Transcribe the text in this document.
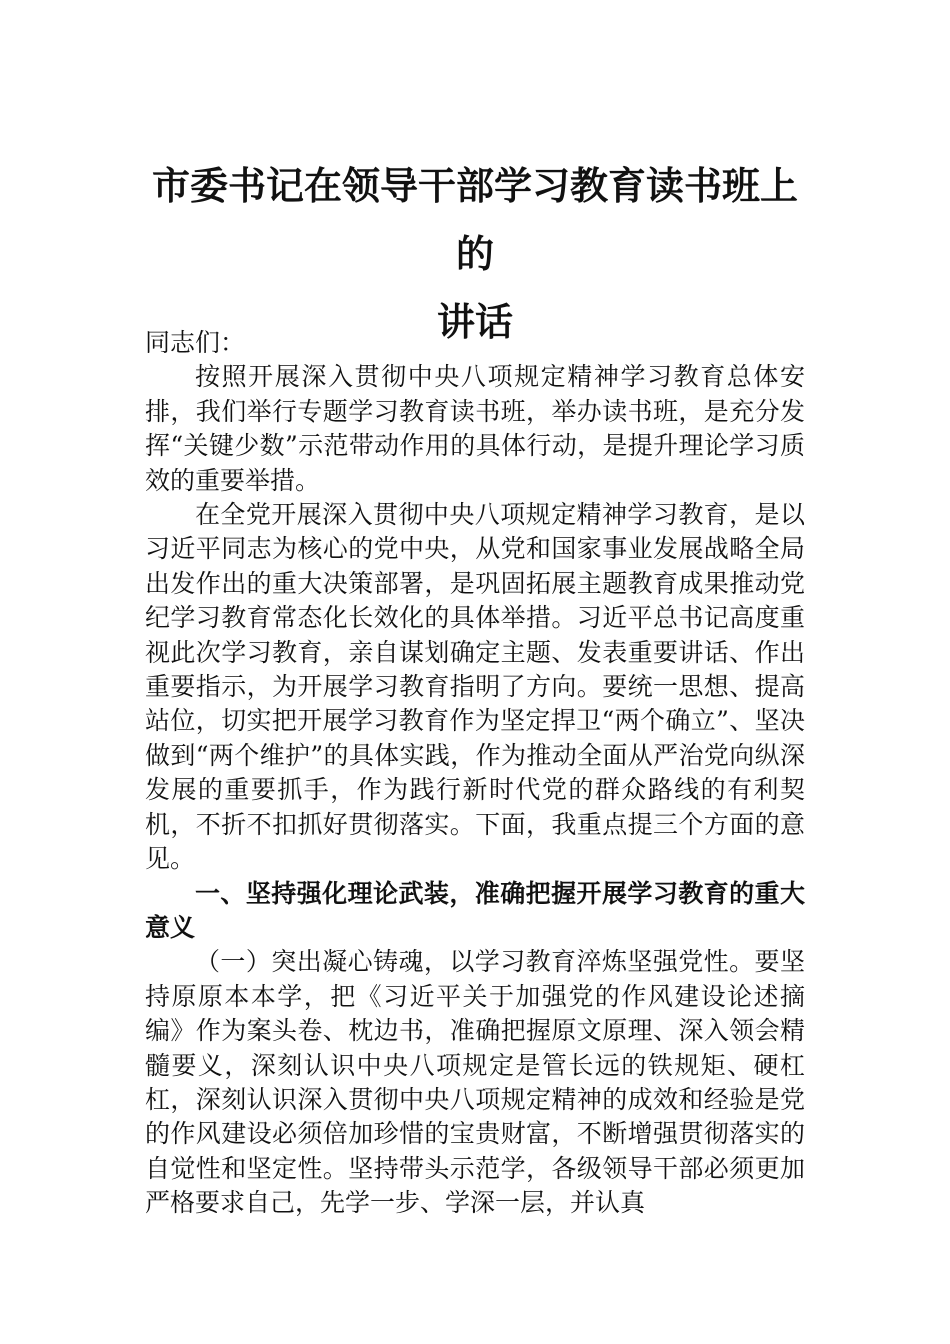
市委书记在领导干部学习教育读书班上的
讲话

同志们：

按照开展深入贯彻中央八项规定精神学习教育总体安排，我们举行专题学习教育读书班，举办读书班，是充分发挥“关键少数”示范带动作用的具体行动，是提升理论学习质效的重要举措。

在全党开展深入贯彻中央八项规定精神学习教育，是以习近平同志为核心的党中央，从党和国家事业发展战略全局出发作出的重大决策部署，是巩固拓展主题教育成果推动党纪学习教育常态化长效化的具体举措。习近平总书记高度重视此次学习教育，亲自谋划确定主题、发表重要讲话、作出重要指示，为开展学习教育指明了方向。要统一思想、提高站位，切实把开展学习教育作为坚定捍卫“两个确立”、坚决做到“两个维护”的具体实践，作为推动全面从严治党向纵深发展的重要抓手，作为践行新时代党的群众路线的有利契机，不折不扣抓好贯彻落实。下面，我重点提三个方面的意见。

一、坚持强化理论武装，准确把握开展学习教育的重大意义

（一）突出凝心铸魂，以学习教育淬炼坚强党性。要坚持原原本本学，把《习近平关于加强党的作风建设论述摘编》作为案头卷、枕边书，准确把握原文原理、深入领会精髓要义，深刻认识中央八项规定是管长远的铁规矩、硬杠杠，深刻认识深入贯彻中央八项规定精神的成效和经验是党的作风建设必须倍加珍惜的宝贵财富，不断增强贯彻落实的自觉性和坚定性。坚持带头示范学，各级领导干部必须更加严格要求自己，先学一步、学深一层，并认真
